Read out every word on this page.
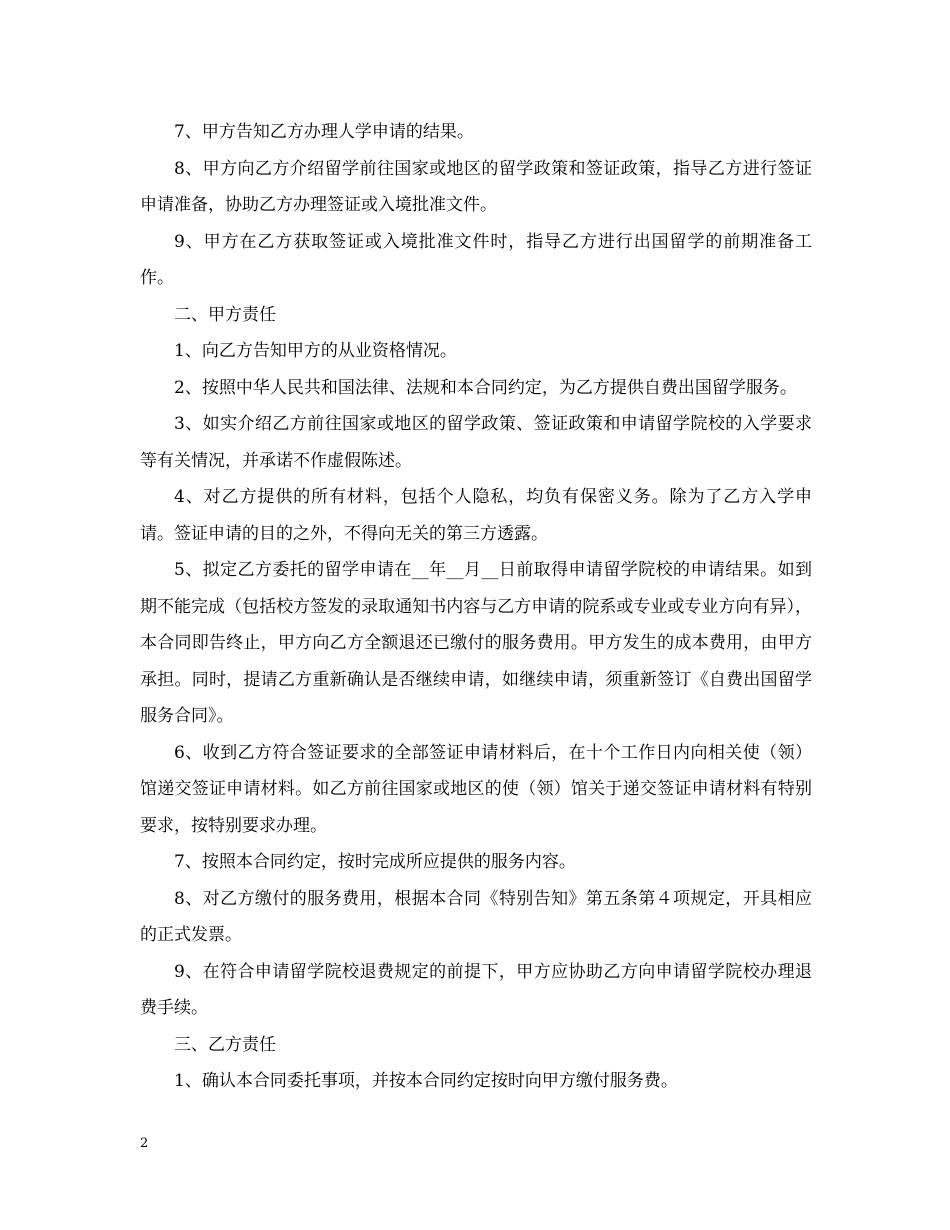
7、甲方告知乙方办理人学申请的结果。

8、甲方向乙方介绍留学前往国家或地区的留学政策和签证政策，指导乙方进行签证申请准备，协助乙方办理签证或入境批准文件。

9、甲方在乙方获取签证或入境批准文件时，指导乙方进行出国留学的前期准备工作。

二、甲方责任

1、向乙方告知甲方的从业资格情况。

2、按照中华人民共和国法律、法规和本合同约定，为乙方提供自费出国留学服务。

3、如实介绍乙方前往国家或地区的留学政策、签证政策和申请留学院校的入学要求等有关情况，并承诺不作虚假陈述。

4、对乙方提供的所有材料，包括个人隐私，均负有保密义务。除为了乙方入学申请。签证申请的目的之外，不得向无关的第三方透露。

5、拟定乙方委托的留学申请在__年__月__日前取得申请留学院校的申请结果。如到期不能完成（包括校方签发的录取通知书内容与乙方申请的院系或专业或专业方向有异），本合同即告终止，甲方向乙方全额退还已缴付的服务费用。甲方发生的成本费用，由甲方承担。同时，提请乙方重新确认是否继续申请，如继续申请，须重新签订《自费出国留学服务合同》。

6、收到乙方符合签证要求的全部签证申请材料后，在十个工作日内向相关使（领）馆递交签证申请材料。如乙方前往国家或地区的使（领）馆关于递交签证申请材料有特别要求，按特别要求办理。

7、按照本合同约定，按时完成所应提供的服务内容。

8、对乙方缴付的服务费用，根据本合同《特别告知》第五条第４项规定，开具相应的正式发票。

9、在符合申请留学院校退费规定的前提下，甲方应协助乙方向申请留学院校办理退费手续。

三、乙方责任

1、确认本合同委托事项，并按本合同约定按时向甲方缴付服务费。

2
